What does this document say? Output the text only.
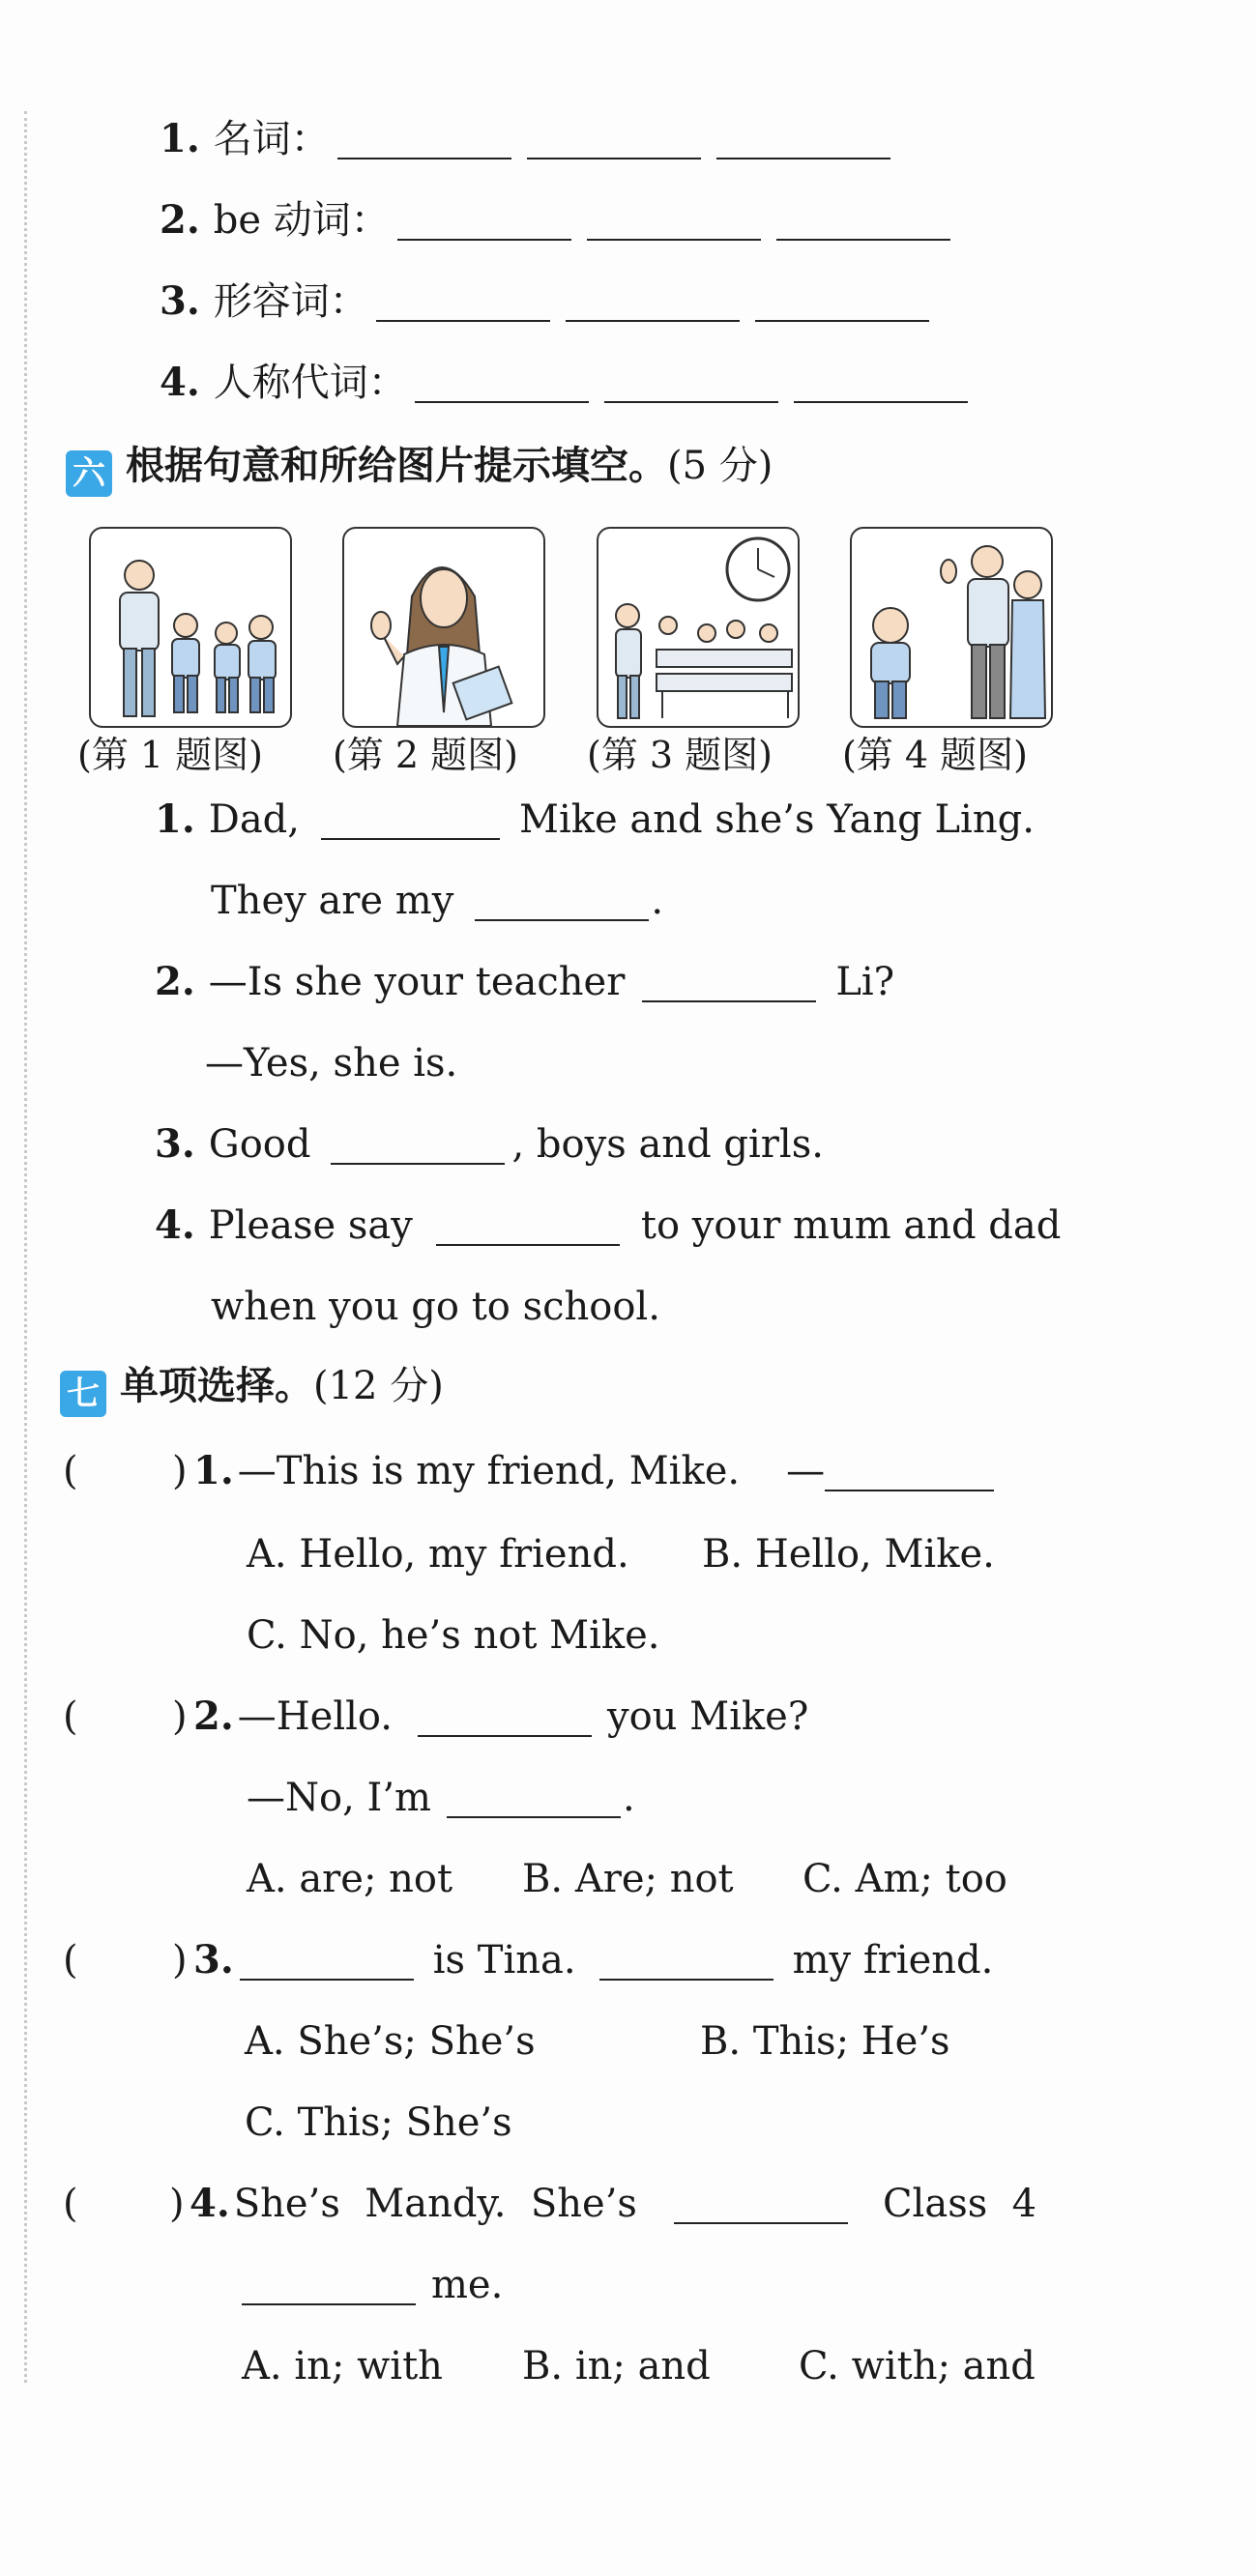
1. 名词：
2. be 动词：
3. 形容词：
4. 人称代词：
六 根据句意和所给图片提示填空。(5 分)
(第 1 题图) (第 2 题图) (第 3 题图) (第 4 题图)
1. Dad,	Mike and she’s Yang Ling.
They are my	.
2. —Is she your teacher	Li?
—Yes, she is.
3. Good	, boys and girls.
4. Please say	to your mum and dad
when you go to school.
七 单项选择。(12 分)
( ) 1. —This is my friend, Mike. —
A. Hello, my friend. B. Hello, Mike.
C. No, he’s not Mike.
( ) 2. —Hello.	you Mike?
—No, I’m	.
A. are; not B. Are; not C. Am; too
( ) 3.	is Tina.	my friend.
A. She’s; She’s	B. This; He’s
C. This; She’s
( ) 4. She’s  Mandy.  She’s	Class  4
me.
A. in; with B. in; and C. with; and
